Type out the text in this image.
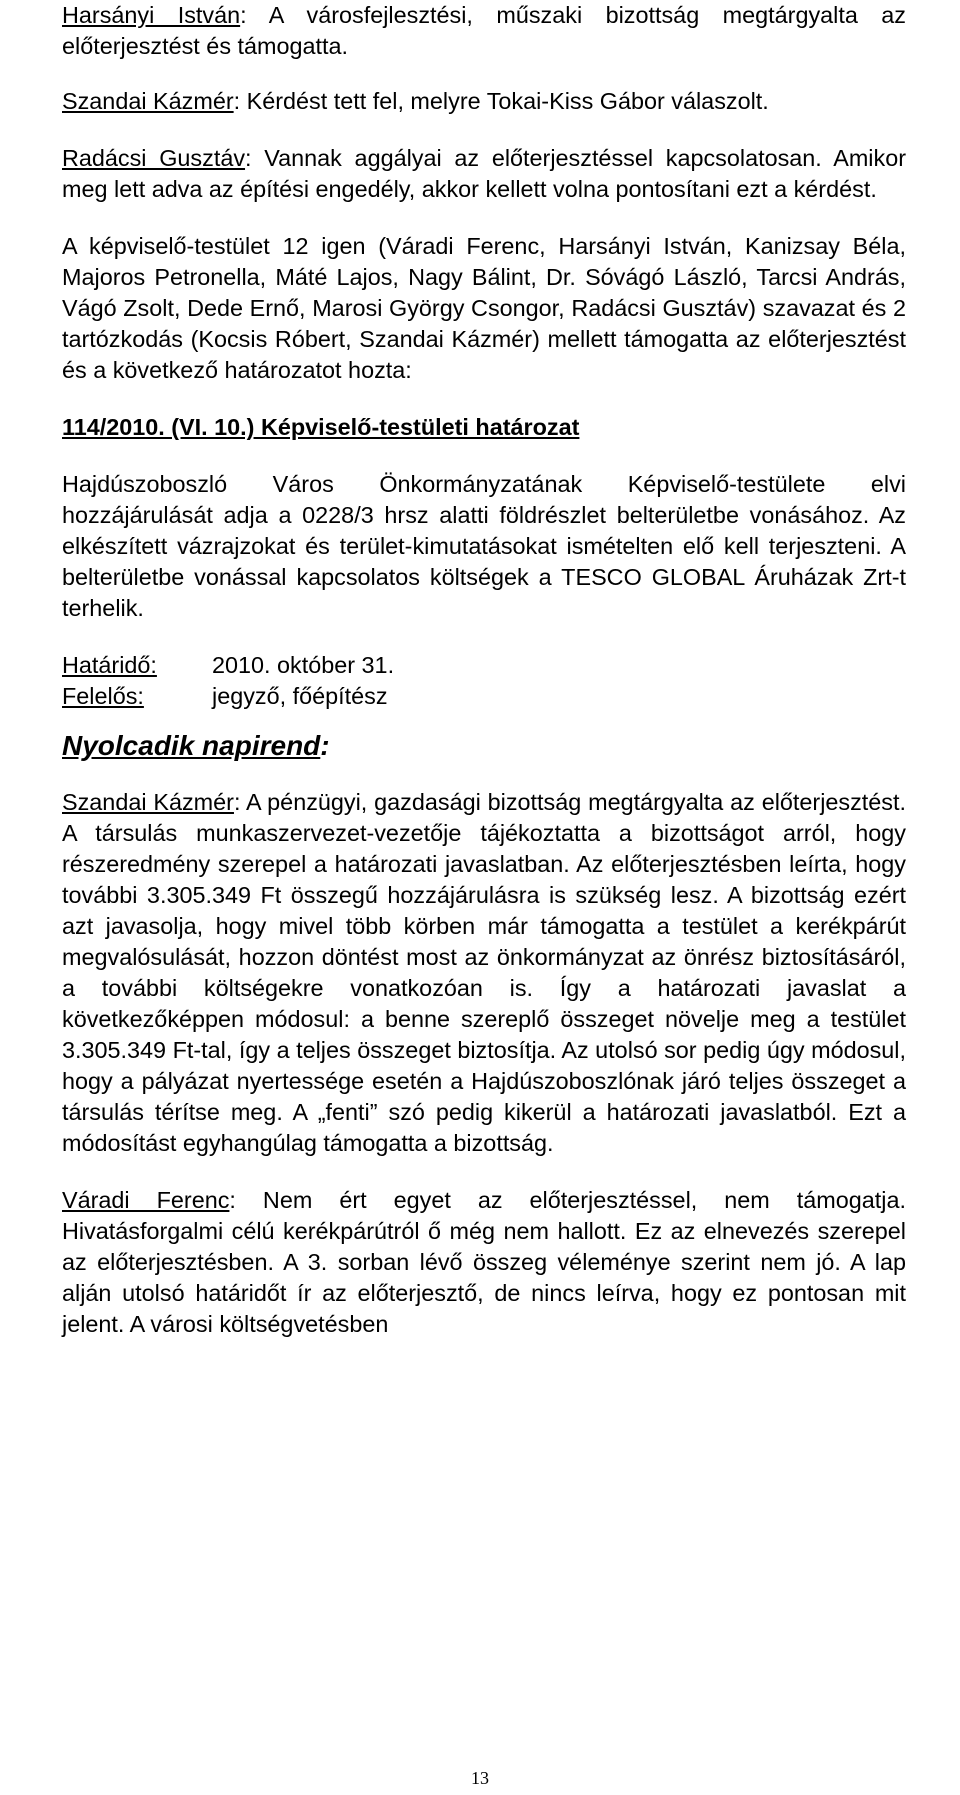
Harsányi István: A városfejlesztési, műszaki bizottság megtárgyalta az előterjesztést és támogatta.

Szandai Kázmér: Kérdést tett fel, melyre Tokai-Kiss Gábor válaszolt.

Radácsi Gusztáv: Vannak aggályai az előterjesztéssel kapcsolatosan. Amikor meg lett adva az építési engedély, akkor kellett volna pontosítani ezt a kérdést.

A képviselő-testület 12 igen (Váradi Ferenc, Harsányi István, Kanizsay Béla, Majoros Petronella, Máté Lajos, Nagy Bálint, Dr. Sóvágó László, Tarcsi András, Vágó Zsolt, Dede Ernő, Marosi György Csongor, Radácsi Gusztáv) szavazat és 2 tartózkodás (Kocsis Róbert, Szandai Kázmér) mellett támogatta az előterjesztést és a következő határozatot hozta:

114/2010. (VI. 10.) Képviselő-testületi határozat

Hajdúszoboszló Város Önkormányzatának Képviselő-testülete elvi hozzájárulását adja a 0228/3 hrsz alatti földrészlet belterületbe vonásához. Az elkészített vázrajzokat és terület-kimutatásokat ismételten elő kell terjeszteni. A belterületbe vonással kapcsolatos költségek a TESCO GLOBAL Áruházak Zrt-t terhelik.

Határidő:	2010. október 31.
Felelős:	jegyző, főépítész
Nyolcadik napirend:

Szandai Kázmér: A pénzügyi, gazdasági bizottság megtárgyalta az előterjesztést. A társulás munkaszervezet-vezetője tájékoztatta a bizottságot arról, hogy részeredmény szerepel a határozati javaslatban. Az előterjesztésben leírta, hogy további 3.305.349 Ft összegű hozzájárulásra is szükség lesz. A bizottság ezért azt javasolja, hogy mivel több körben már támogatta a testület a kerékpárút megvalósulását, hozzon döntést most az önkormányzat az önrész biztosításáról, a további költségekre vonatkozóan is. Így a határozati javaslat a következőképpen módosul: a benne szereplő összeget növelje meg a testület 3.305.349 Ft-tal, így a teljes összeget biztosítja. Az utolsó sor pedig úgy módosul, hogy a pályázat nyertessége esetén a Hajdúszoboszlónak járó teljes összeget a társulás térítse meg. A „fenti” szó pedig kikerül a határozati javaslatból. Ezt a módosítást egyhangúlag támogatta a bizottság.

Váradi Ferenc: Nem ért egyet az előterjesztéssel, nem támogatja. Hivatásforgalmi célú kerékpárútról ő még nem hallott. Ez az elnevezés szerepel az előterjesztésben. A 3. sorban lévő összeg véleménye szerint nem jó. A lap alján utolsó határidőt ír az előterjesztő, de nincs leírva, hogy ez pontosan mit jelent. A városi költségvetésben

13
